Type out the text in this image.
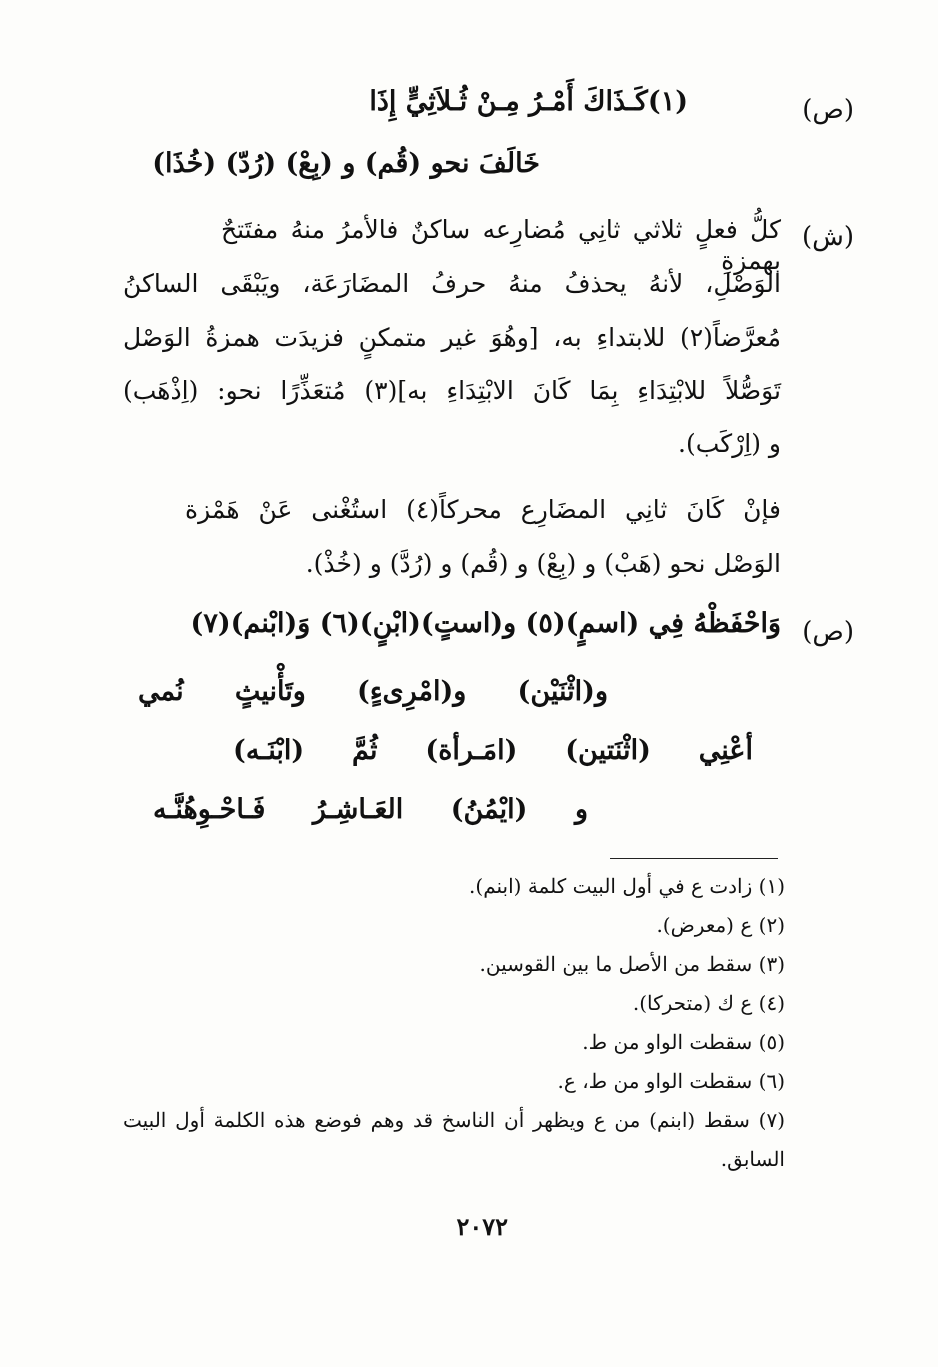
(ص)
(١)كَـذَاكَ أَمْـرُ مِـنْ ثُـلاَثِيٍّ إِذَا
خَالَفَ نحو (قُم) و (بِعْ) (رُدّ) (خُذَا)
(ش)
كلُّ فعلٍ ثلاثي ثانِي مُضارِعه ساكنٌ فالأمرُ منهُ مفتَتحٌ بهمزةِ
الوَصْلِ، لأنهُ يحذفُ منهُ حرفُ المضَارَعَة، ويَبْقَى الساكنُ
مُعرَّضاً(٢) للابتداءِ به، [وهُوَ غير متمكنٍ فزيدَت همزةُ الوَصْل
تَوَصُّلاً للابْتِدَاءِ بِمَا كَانَ الابْتِدَاءِ به](٣) مُتعَذِّرًا نحو: (اِذْهَب)
و (اِرْكَب).
فإنْ كَانَ ثانِي المضَارِع محركاً(٤) استُغْنى عَنْ هَمْزة
الوَصْل نحو (هَبْ) و (بِعْ) و (قُم) و (رُدَّ) و (خُذْ).
(ص)
وَاحْفَظْهُ فِي (اسمٍ)(٥) و(استٍ)(ابْنٍ)(٦) وَ(ابْنم)(٧)
و(اثْنَيْن)
و(امْرِىءٍ)
وتَأْنيثٍ
نُمي
أعْنِي
(اثْنَتين)
(امَـرأة)
ثُمَّ
(ابْنَـه)
و
(ايْمُنُ)
العَـاشِـرُ
فَـاحْـوِهُنَّـه
(١) زادت ع في أول البيت كلمة (ابنم).
(٢) ع (معرض).
(٣) سقط من الأصل ما بين القوسين.
(٤) ع ك (متحركا).
(٥) سقطت الواو من ط.
(٦) سقطت الواو من ط، ع.
(٧) سقط (ابنم) من ع ويظهر أن الناسخ قد وهم فوضع هذه الكلمة أول البيت
السابق.
٢٠٧٢
